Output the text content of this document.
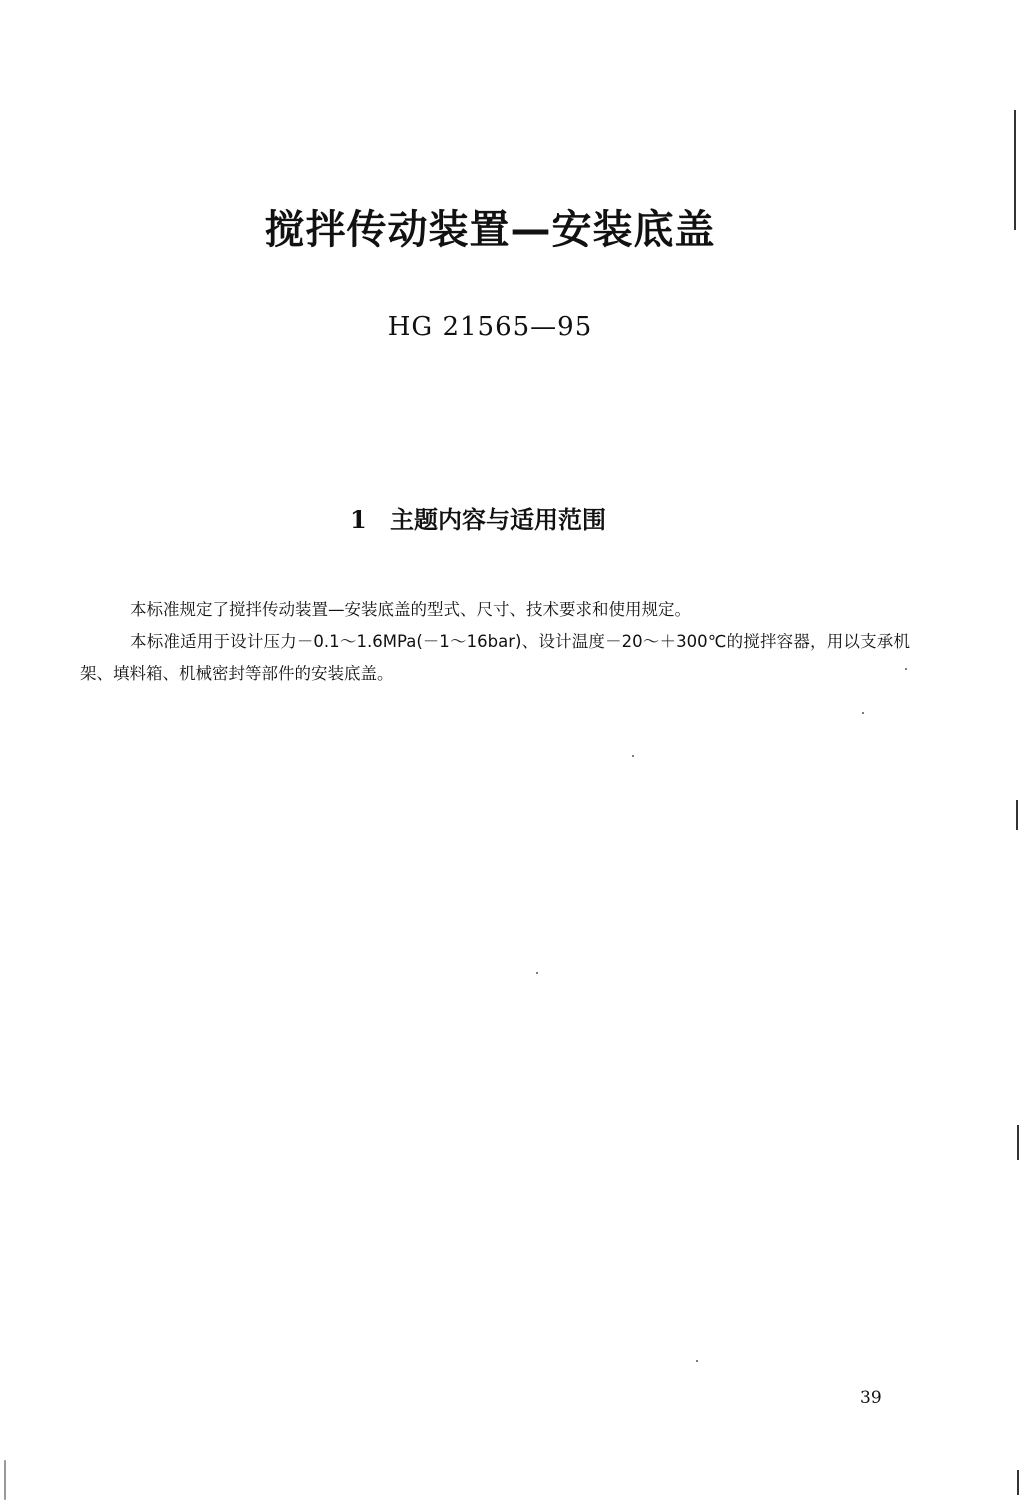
搅拌传动装置—安装底盖
HG 21565—95
1 主题内容与适用范围
本标准规定了搅拌传动装置—安装底盖的型式、尺寸、技术要求和使用规定。
本标准适用于设计压力－0.1～1.6MPa(－1～16bar)、设计温度－20～＋300℃的搅拌容器，用以支承机架、填料箱、机械密封等部件的安装底盖。
39
